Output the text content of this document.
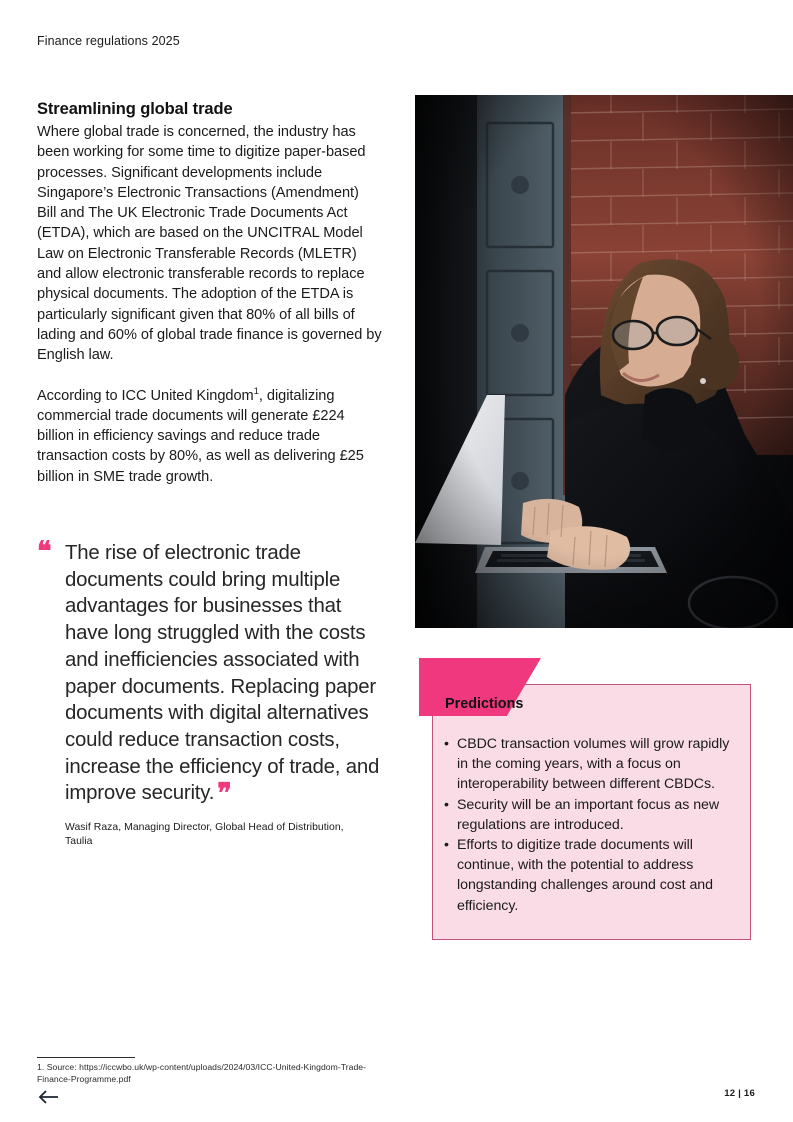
Finance regulations 2025
Streamlining global trade

Where global trade is concerned, the industry has been working for some time to digitize paper-based processes. Significant developments include Singapore’s Electronic Transactions (Amendment) Bill and The UK Electronic Trade Documents Act (ETDA), which are based on the UNCITRAL Model Law on Electronic Transferable Records (MLETR) and allow electronic transferable records to replace physical documents. The adoption of the ETDA is particularly significant given that 80% of all bills of lading and 60% of global trade finance is governed by English law.

According to ICC United Kingdom$^1$, digitalizing commercial trade documents will generate £224 billion in efficiency savings and reduce trade transaction costs by 80%, as well as delivering £25 billion in SME trade growth.

❝ The rise of electronic trade documents could bring multiple advantages for businesses that have long struggled with the costs and inefficiencies associated with paper documents. Replacing paper documents with digital alternatives could reduce transaction costs, increase the efficiency of trade, and improve security. ❞

Wasif Raza, Managing Director, Global Head of Distribution, Taulia

Predictions
• CBDC transaction volumes will grow rapidly in the coming years, with a focus on interoperability between different CBDCs.
• Security will be an important focus as new regulations are introduced.
• Efforts to digitize trade documents will continue, with the potential to address longstanding challenges around cost and efficiency.
1. Source: https://iccwbo.uk/wp-content/uploads/2024/03/ICC-United-Kingdom-Trade-Finance-Programme.pdf
12 | 16
